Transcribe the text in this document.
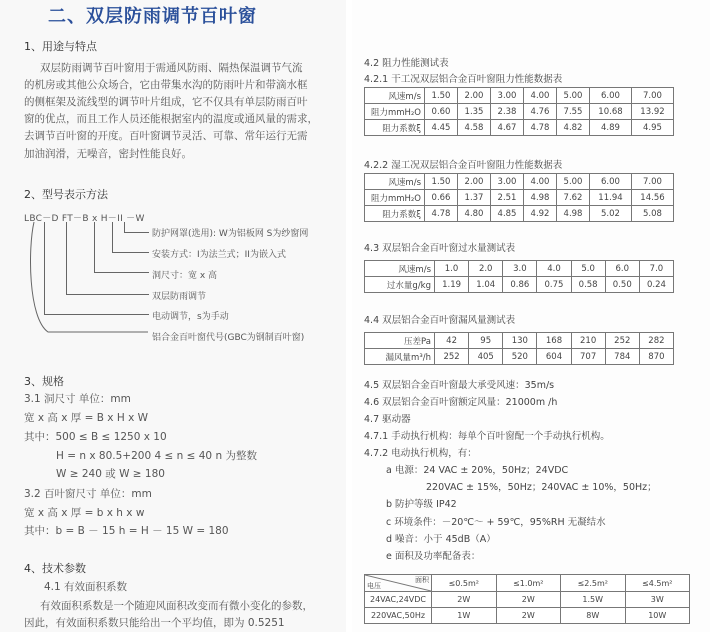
二、双层防雨调节百叶窗
1、用途与特点
双层防雨调节百叶窗用于需通风防雨、隔热保温调节气流
的机房或其他公众场合，它由带集水沟的防雨叶片和带滴水框
的侧框架及流线型的调节叶片组成，它不仅具有单层防雨百叶
窗的优点，而且工作人员还能根据室内的温度或通风量的需求，
去调节百叶窗的开度。百叶窗调节灵活、可靠、常年运行无需
加油润滑，无噪音，密封性能良好。
2、型号表示方法
LBC－D FT－B x H－II －W
防护网罩(选用): W为铝板网 S为纱窗网
安装方式：I为法兰式；II为嵌入式
洞尺寸：宽 x 高
双层防雨调节
电动调节，s为手动
铝合金百叶窗代号(GBC为钢制百叶窗)
3、规格
3.1 洞尺寸 单位：mm
宽 x 高 x 厚 = B x H x W
其中：500 ≤ B ≤ 1250 x 10
H = n x 80.5+200 4 ≤ n ≤ 40 n 为整数
W ≥ 240 或 W ≥ 180
3.2 百叶窗尺寸 单位：mm
宽 x 高 x 厚 = b x h x w
其中：b = B － 15 h = H － 15 W = 180
4、技术参数
4.1 有效面积系数
有效面积系数是一个随迎风面积改变而有微小变化的参数，
因此，有效面积系数只能给出一个平均值，即为 0.5251
4.2 阻力性能测试表
4.2.1 干工况双层铝合金百叶窗阻力性能数据表
风速m/s	1.50	2.00	3.00	4.00	5.00	6.00	7.00
阻力mmH₂O	0.60	1.35	2.38	4.76	7.55	10.68	13.92
阻力系数ξ	4.45	4.58	4.67	4.78	4.82	4.89	4.95
4.2.2 湿工况双层铝合金百叶窗阻力性能数据表
风速m/s	1.50	2.00	3.00	4.00	5.00	6.00	7.00
阻力mmH₂O	0.66	1.37	2.51	4.98	7.62	11.94	14.56
阻力系数ξ	4.78	4.80	4.85	4.92	4.98	5.02	5.08
4.3 双层铝合金百叶窗过水量测试表
风速m/s	1.0	2.0	3.0	4.0	5.0	6.0	7.0
过水量g/kg	1.19	1.04	0.86	0.75	0.58	0.50	0.24
4.4 双层铝合金百叶窗漏风量测试表
压差Pa	42	95	130	168	210	252	282
漏风量m³/h	252	405	520	604	707	784	870
4.5 双层铝合金百叶窗最大承受风速：35m/s
4.6 双层铝合金百叶窗额定风量：21000m /h
4.7 驱动器
4.7.1 手动执行机构：每单个百叶窗配一个手动执行机构。
4.7.2 电动执行机构，有：
a 电源：24 VAC ± 20%，50Hz；24VDC
220VAC ± 15%，50Hz；240VAC ± 10%，50Hz；
b 防护等级 IP42
c 环境条件：－20℃～ + 59℃，95%RH 无凝结水
d 噪音：小于 45dB（A）
e 面积及功率配备表：
面积
电压	≤0.5m²	≤1.0m²	≤2.5m²	≤4.5m²
24VAC,24VDC	2W	2W	1.5W	3W
220VAC,50Hz	1W	2W	8W	10W
